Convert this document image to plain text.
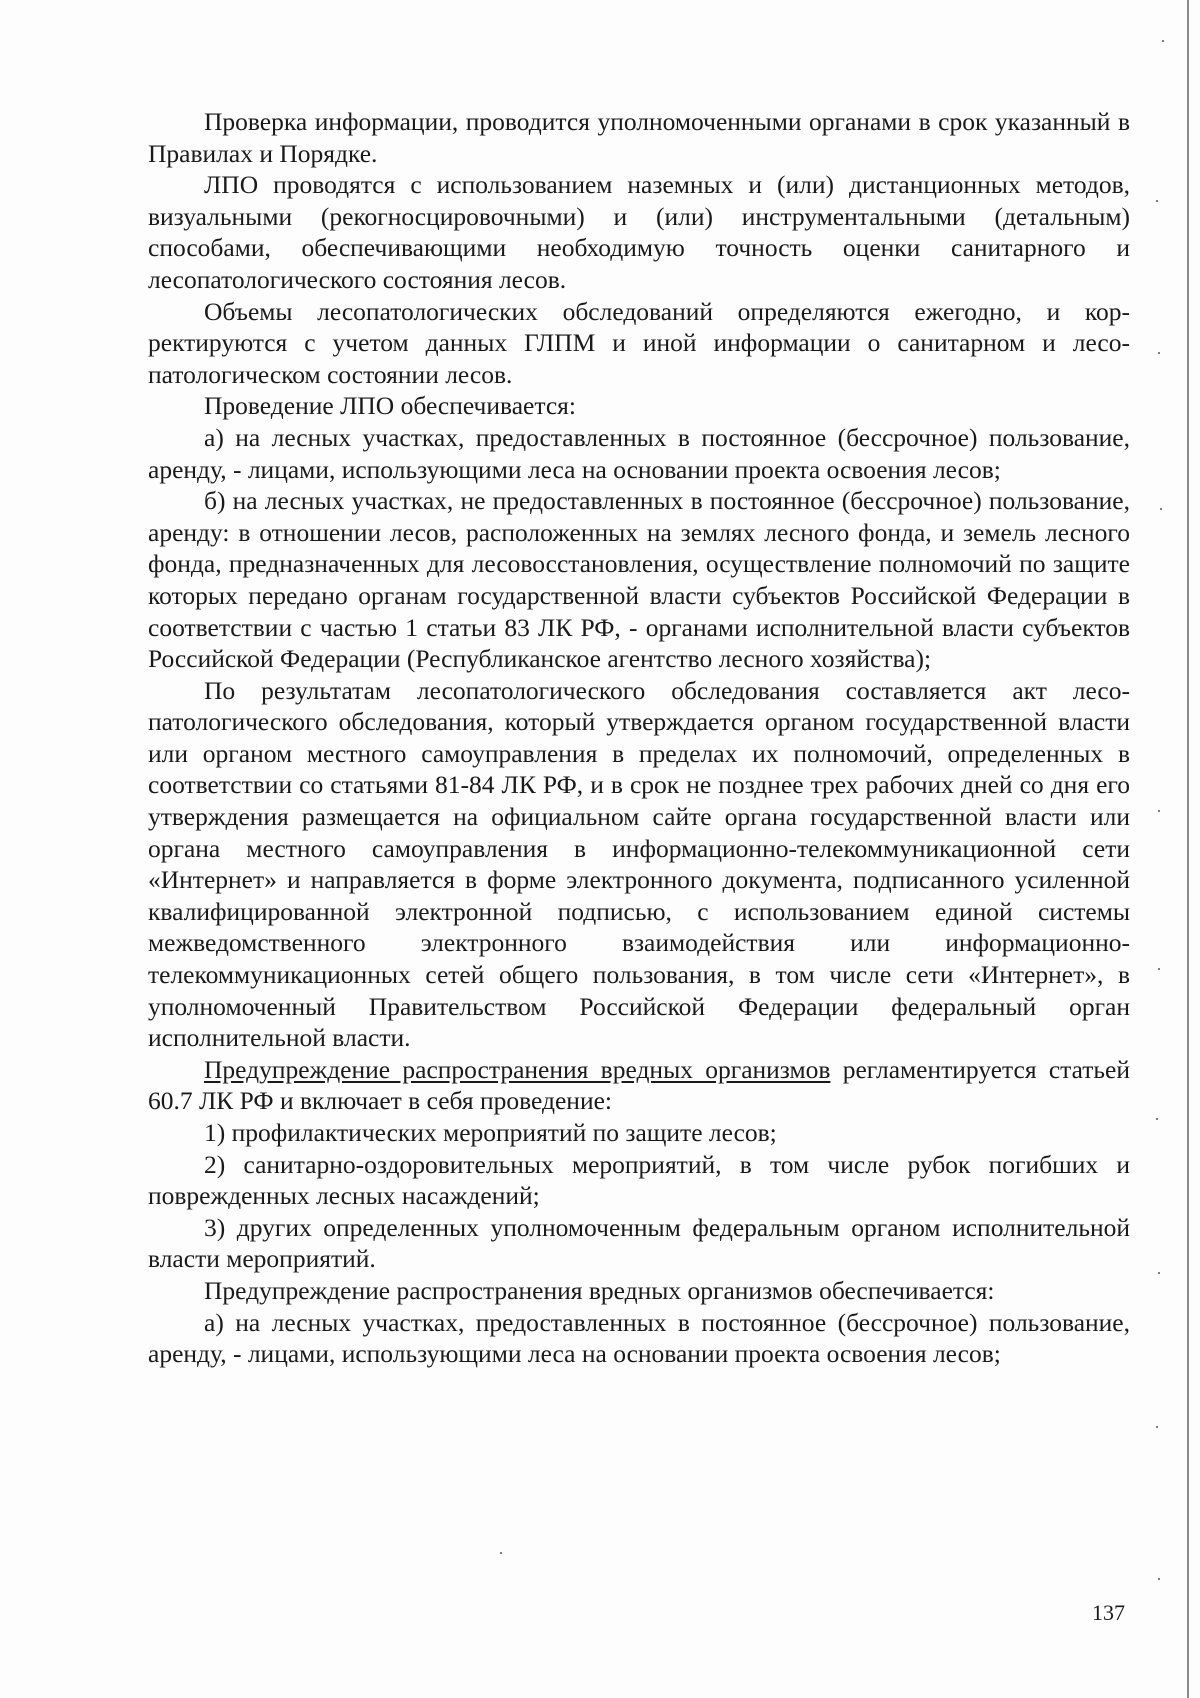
Проверка информации, проводится уполномоченными органами в срок указанный в Правилах и Порядке.

ЛПО проводятся с использованием наземных и (или) дистанционных методов, визуальными (рекогносцировочными) и (или) инструментальными (детальным) способами, обеспечивающими необходимую точность оценки санитарного и лесопатологического состояния лесов.

Объемы лесопатологических обследований определяются ежегодно, и корректируются с учетом данных ГЛПМ и иной информации о санитарном и лесопатологическом состоянии лесов.

Проведение ЛПО обеспечивается:

а) на лесных участках, предоставленных в постоянное (бессрочное) пользование, аренду, - лицами, использующими леса на основании проекта освоения лесов;

б) на лесных участках, не предоставленных в постоянное (бессрочное) пользование, аренду: в отношении лесов, расположенных на землях лесного фонда, и земель лесного фонда, предназначенных для лесовосстановления, осуществление полномочий по защите которых передано органам государственной власти субъектов Российской Федерации в соответствии с частью 1 статьи 83 ЛК РФ, - органами исполнительной власти субъектов Российской Федерации (Республиканское агентство лесного хозяйства);

По результатам лесопатологического обследования составляется акт лесопатологического обследования, который утверждается органом государственной власти или органом местного самоуправления в пределах их полномочий, определенных в соответствии со статьями 81-84 ЛК РФ, и в срок не позднее трех рабочих дней со дня его утверждения размещается на официальном сайте органа государственной власти или органа местного самоуправления в информационно-телекоммуникационной сети «Интернет» и направляется в форме электронного документа, подписанного усиленной квалифицированной электронной подписью, с использованием единой системы межведомственного электронного взаимодействия или информационно-телекоммуникационных сетей общего пользования, в том числе сети «Интернет», в уполномоченный Правительством Российской Федерации федеральный орган исполнительной власти.

Предупреждение распространения вредных организмов регламентируется статьей 60.7 ЛК РФ и включает в себя проведение:

1) профилактических мероприятий по защите лесов;

2) санитарно-оздоровительных мероприятий, в том числе рубок погибших и поврежденных лесных насаждений;

3) других определенных уполномоченным федеральным органом исполнительной власти мероприятий.

Предупреждение распространения вредных организмов обеспечивается:

а) на лесных участках, предоставленных в постоянное (бессрочное) пользование, аренду, - лицами, использующими леса на основании проекта освоения лесов;

137
